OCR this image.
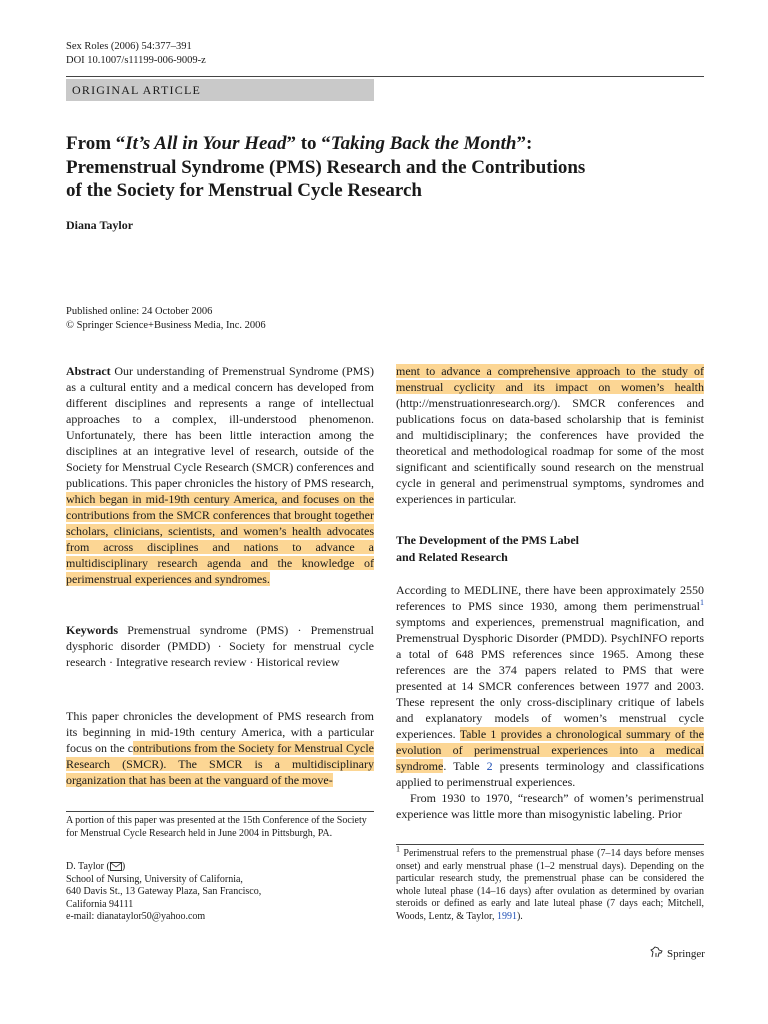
Sex Roles (2006) 54:377–391
DOI 10.1007/s11199-006-9009-z
ORIGINAL ARTICLE
From “It’s All in Your Head” to “Taking Back the Month”:
Premenstrual Syndrome (PMS) Research and the Contributions
of the Society for Menstrual Cycle Research
Diana Taylor
Published online: 24 October 2006
© Springer Science+Business Media, Inc. 2006

Abstract Our understanding of Premenstrual Syndrome (PMS) as a cultural entity and a medical concern has developed from different disciplines and represents a range of intellectual approaches to a complex, ill-understood phenomenon. Unfortunately, there has been little interaction among the disciplines at an integrative level of research, outside of the Society for Menstrual Cycle Research (SMCR) conferences and publications. This paper chronicles the history of PMS research, which began in mid-19th century America, and focuses on the contributions from the SMCR conferences that brought together scholars, clinicians, scientists, and women’s health advocates from across disciplines and nations to advance a multidisciplinary research agenda and the knowledge of perimenstrual experiences and syndromes.

Keywords Premenstrual syndrome (PMS) · Premenstrual dysphoric disorder (PMDD) · Society for menstrual cycle research · Integrative research review · Historical review

This paper chronicles the development of PMS research from its beginning in mid-19th century America, with a particular focus on the contributions from the Society for Menstrual Cycle Research (SMCR). The SMCR is a multidisciplinary organization that has been at the vanguard of the move-

A portion of this paper was presented at the 15th Conference of the Society for Menstrual Cycle Research held in June 2004 in Pittsburgh, PA.

D. Taylor ( )
School of Nursing, University of California,
640 Davis St., 13 Gateway Plaza, San Francisco,
California 94111
e-mail: dianataylor50@yahoo.com

ment to advance a comprehensive approach to the study of menstrual cyclicity and its impact on women’s health (http://menstruationresearch.org/). SMCR conferences and publications focus on data-based scholarship that is feminist and multidisciplinary; the conferences have provided the theoretical and methodological roadmap for some of the most significant and scientifically sound research on the menstrual cycle in general and perimenstrual symptoms, syndromes and experiences in particular.

The Development of the PMS Label
and Related Research

According to MEDLINE, there have been approximately 2550 references to PMS since 1930, among them perimenstrual$^1$ symptoms and experiences, premenstrual magnification, and Premenstrual Dysphoric Disorder (PMDD). PsychINFO reports a total of 648 PMS references since 1965. Among these references are the 374 papers related to PMS that were presented at 14 SMCR conferences between 1977 and 2003. These represent the only cross-disciplinary critique of labels and explanatory models of women’s menstrual cycle experiences. Table 1 provides a chronological summary of the evolution of perimenstrual experiences into a medical syndrome. Table 2 presents terminology and classifications applied to perimenstrual experiences.

From 1930 to 1970, “research” of women’s perimenstrual experience was little more than misogynistic labeling. Prior

$^1$ Perimenstrual refers to the premenstrual phase (7–14 days before menses onset) and early menstrual phase (1–2 menstrual days). Depending on the particular research study, the premenstrual phase can be considered the whole luteal phase (14–16 days) after ovulation as determined by ovarian steroids or defined as early and late luteal phase (7 days each; Mitchell, Woods, Lentz, & Taylor, 1991).

Springer
